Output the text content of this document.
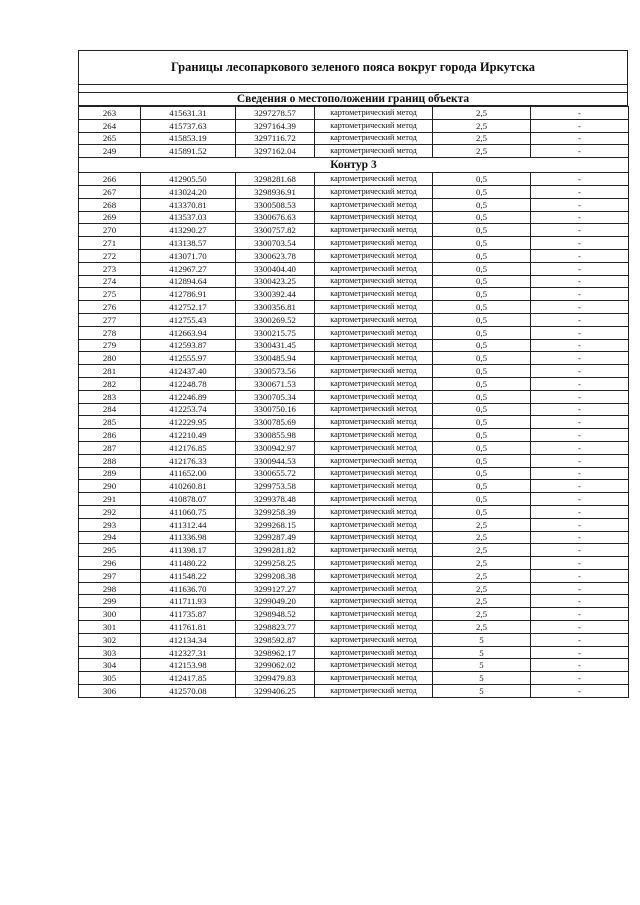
Границы лесопаркового зеленого пояса вокруг города Иркутска
Сведения о местоположении границ объекта
263	415631.31	3297278.57	картометрический метод	2,5	-
264	415737.63	3297164.39	картометрический метод	2,5	-
265	415853.19	3297116.72	картометрический метод	2,5	-
249	415891.52	3297162.04	картометрический метод	2,5	-
Контур 3					
266	412905.50	3298281.68	картометрический метод	0,5	-
267	413024.20	3298936.91	картометрический метод	0,5	-
268	413370.81	3300508.53	картометрический метод	0,5	-
269	413537.03	3300676.63	картометрический метод	0,5	-
270	413290.27	3300757.82	картометрический метод	0,5	-
271	413138.57	3300703.54	картометрический метод	0,5	-
272	413071.70	3300623.78	картометрический метод	0,5	-
273	412967.27	3300404.40	картометрический метод	0,5	-
274	412894.64	3300423.25	картометрический метод	0,5	-
275	412786.91	3300392.44	картометрический метод	0,5	-
276	412752.17	3300356.81	картометрический метод	0,5	-
277	412755.43	3300269.52	картометрический метод	0,5	-
278	412663.94	3300215.75	картометрический метод	0,5	-
279	412593.87	3300431.45	картометрический метод	0,5	-
280	412555.97	3300485.94	картометрический метод	0,5	-
281	412437.40	3300573.56	картометрический метод	0,5	-
282	412248.78	3300671.53	картометрический метод	0,5	-
283	412246.89	3300705.34	картометрический метод	0,5	-
284	412253.74	3300750.16	картометрический метод	0,5	-
285	412229.95	3300785.69	картометрический метод	0,5	-
286	412210.49	3300855.98	картометрический метод	0,5	-
287	412176.85	3300942.97	картометрический метод	0,5	-
288	412176.33	3300944.53	картометрический метод	0,5	-
289	411652.00	3300655.72	картометрический метод	0,5	-
290	410260.81	3299753.58	картометрический метод	0,5	-
291	410878.07	3299378.48	картометрический метод	0,5	-
292	411060.75	3299258.39	картометрический метод	0,5	-
293	411312.44	3299268.15	картометрический метод	2,5	-
294	411336.98	3299287.49	картометрический метод	2,5	-
295	411398.17	3299281.82	картометрический метод	2,5	-
296	411480.22	3299258.25	картометрический метод	2,5	-
297	411548.22	3299208.38	картометрический метод	2,5	-
298	411636.70	3299127.27	картометрический метод	2,5	-
299	411711.93	3299049.20	картометрический метод	2,5	-
300	411735.87	3298948.52	картометрический метод	2,5	-
301	411761.81	3298823.77	картометрический метод	2,5	-
302	412134.34	3298592.87	картометрический метод	5	-
303	412327.31	3298962.17	картометрический метод	5	-
304	412153.98	3299062.02	картометрический метод	5	-
305	412417.85	3299479.83	картометрический метод	5	-
306	412570.08	3299406.25	картометрический метод	5	-
